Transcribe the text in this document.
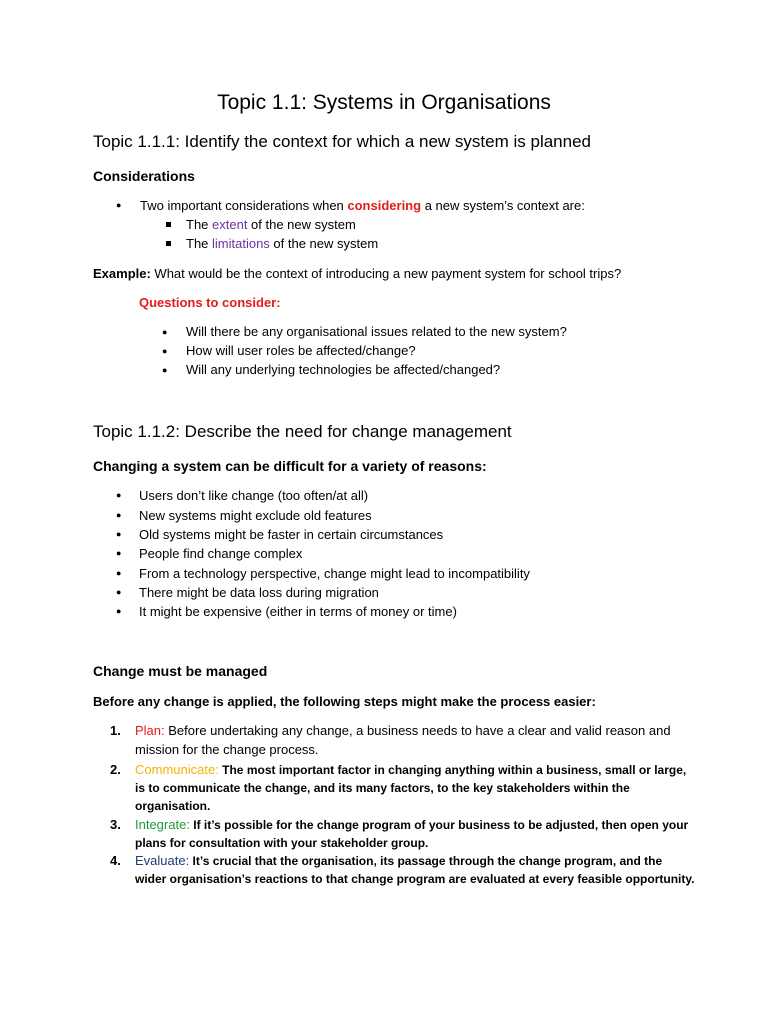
Topic 1.1: Systems in Organisations
Topic 1.1.1: Identify the context for which a new system is planned
Considerations
● Two important considerations when considering a new system’s context are:
The extent of the new system
The limitations of the new system
Example: What would be the context of introducing a new payment system for school trips?
Questions to consider:
● Will there be any organisational issues related to the new system?
● How will user roles be affected/change?
● Will any underlying technologies be affected/changed?
Topic 1.1.2: Describe the need for change management
Changing a system can be difficult for a variety of reasons:
● Users don’t like change (too often/at all)
● New systems might exclude old features
● Old systems might be faster in certain circumstances
● People find change complex
● From a technology perspective, change might lead to incompatibility
● There might be data loss during migration
● It might be expensive (either in terms of money or time)
Change must be managed
Before any change is applied, the following steps might make the process easier:
1. Plan: Before undertaking any change, a business needs to have a clear and valid reason and mission for the change process.
2. Communicate: The most important factor in changing anything within a business, small or large, is to communicate the change, and its many factors, to the key stakeholders within the organisation.
3. Integrate: If it’s possible for the change program of your business to be adjusted, then open your plans for consultation with your stakeholder group.
4. Evaluate: It’s crucial that the organisation, its passage through the change program, and the wider organisation’s reactions to that change program are evaluated at every feasible opportunity.
